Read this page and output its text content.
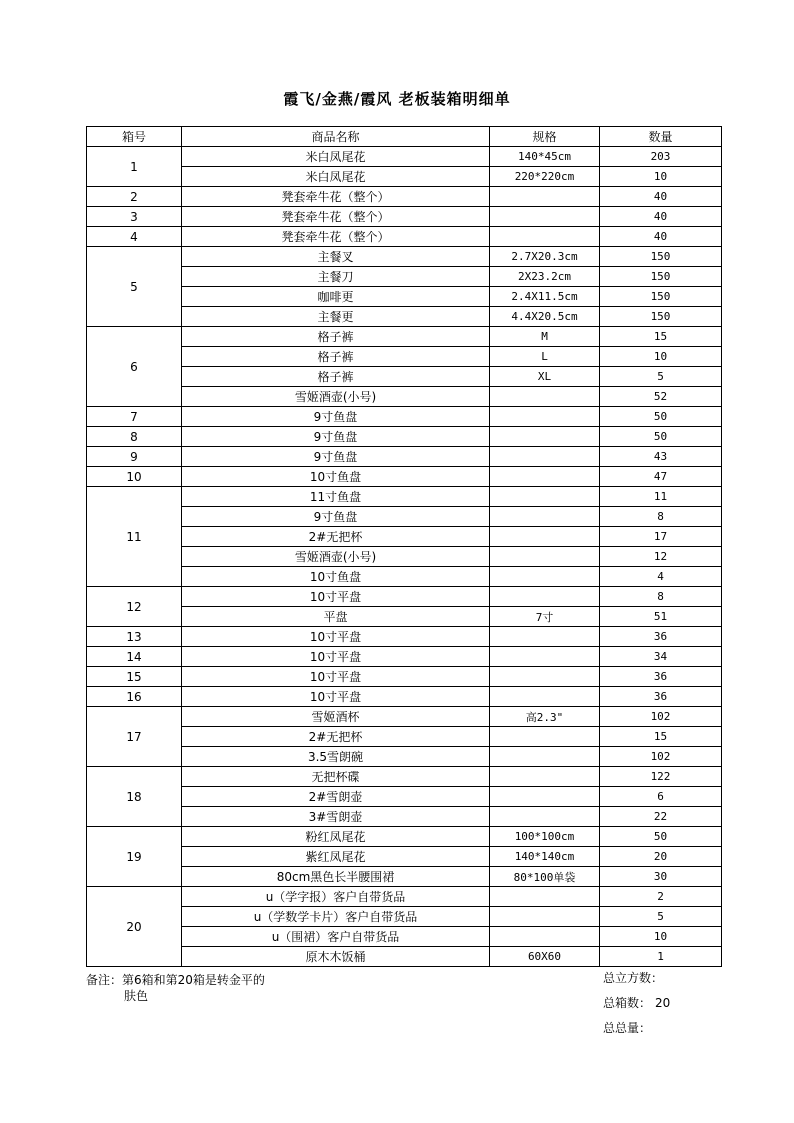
霞飞/金燕/霞风 老板装箱明细单
箱号	商品名称	规格	数量
1	米白凤尾花	140*45cm	203
	米白凤尾花	220*220cm	10
2	凳套牵牛花（整个）		40
3	凳套牵牛花（整个）		40
4	凳套牵牛花（整个）		40
5	主餐叉	2.7X20.3cm	150
	主餐刀	2X23.2cm	150
	咖啡更	2.4X11.5cm	150
	主餐更	4.4X20.5cm	150
6	格子裤	M	15
	格子裤	L	10
	格子裤	XL	5
	雪姬酒壶(小号)		52
7	9寸鱼盘		50
8	9寸鱼盘		50
9	9寸鱼盘		43
10	10寸鱼盘		47
11	11寸鱼盘		11
	9寸鱼盘		8
	2#无把杯		17
	雪姬酒壶(小号)		12
	10寸鱼盘		4
12	10寸平盘		8
	平盘	7寸	51
13	10寸平盘		36
14	10寸平盘		34
15	10寸平盘		36
16	10寸平盘		36
17	雪姬酒杯	高2.3"	102
	2#无把杯		15
	3.5雪朗碗		102
18	无把杯碟		122
	2#雪朗壶		6
	3#雪朗壶		22
19	粉红凤尾花	100*100cm	50
	紫红凤尾花	140*140cm	20
	80cm黑色长半腰围裙	80*100单袋	30
20	u（学字报）客户自带货品		2
	u（学数学卡片）客户自带货品		5
	u（围裙）客户自带货品		10
	原木木饭桶	60X60	1
备注：第6箱和第20箱是转金平的
肤色
总立方数：
总箱数： 20
总总量：
